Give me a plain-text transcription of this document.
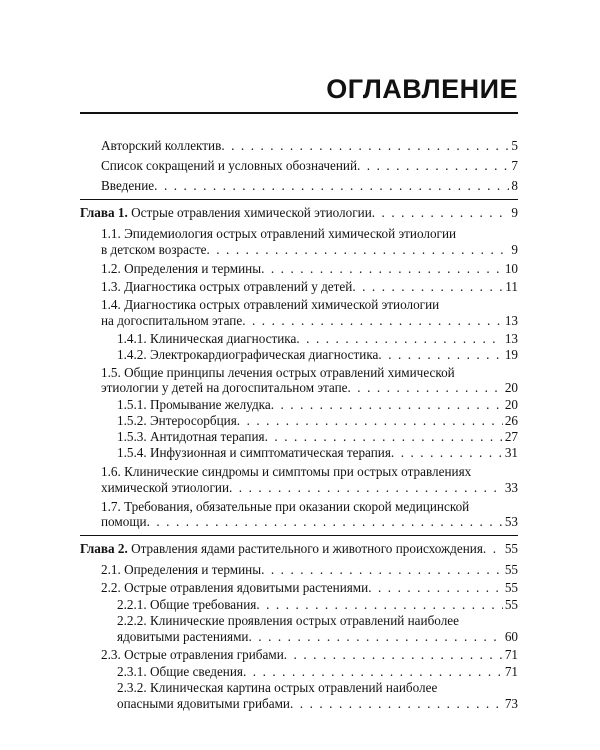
ОГЛАВЛЕНИЕ
Авторский коллектив . . .	5
Список сокращений и условных обозначений . . .	7
Введение . . .	8
Глава 1. Острые отравления химической этиологии . . .	9
1.1. Эпидемиология острых отравлений химической этиологии
в детском возрасте . . .	9
1.2. Определения и термины . . .	10
1.3. Диагностика острых отравлений у детей . . .	11
1.4. Диагностика острых отравлений химической этиологии
на догоспитальном этапе . . .	13
1.4.1. Клиническая диагностика . . .	13
1.4.2. Электрокардиографическая диагностика . . .	19
1.5. Общие принципы лечения острых отравлений химической
этиологии у детей на догоспитальном этапе . . .	20
1.5.1. Промывание желудка . . .	20
1.5.2. Энтеросорбция . . .	26
1.5.3. Антидотная терапия . . .	27
1.5.4. Инфузионная и симптоматическая терапия . . .	31
1.6. Клинические синдромы и симптомы при острых отравлениях
химической этиологии . . .	33
1.7. Требования, обязательные при оказании скорой медицинской
помощи . . .	53
Глава 2. Отравления ядами растительного и животного происхождения . . . 55
2.1. Определения и термины . . .	55
2.2. Острые отравления ядовитыми растениями . . .	55
2.2.1. Общие требования . . .	55
2.2.2. Клинические проявления острых отравлений наиболее
ядовитыми растениями . . .	60
2.3. Острые отравления грибами . . .	71
2.3.1. Общие сведения . . .	71
2.3.2. Клиническая картина острых отравлений наиболее
опасными ядовитыми грибами . . .	73
